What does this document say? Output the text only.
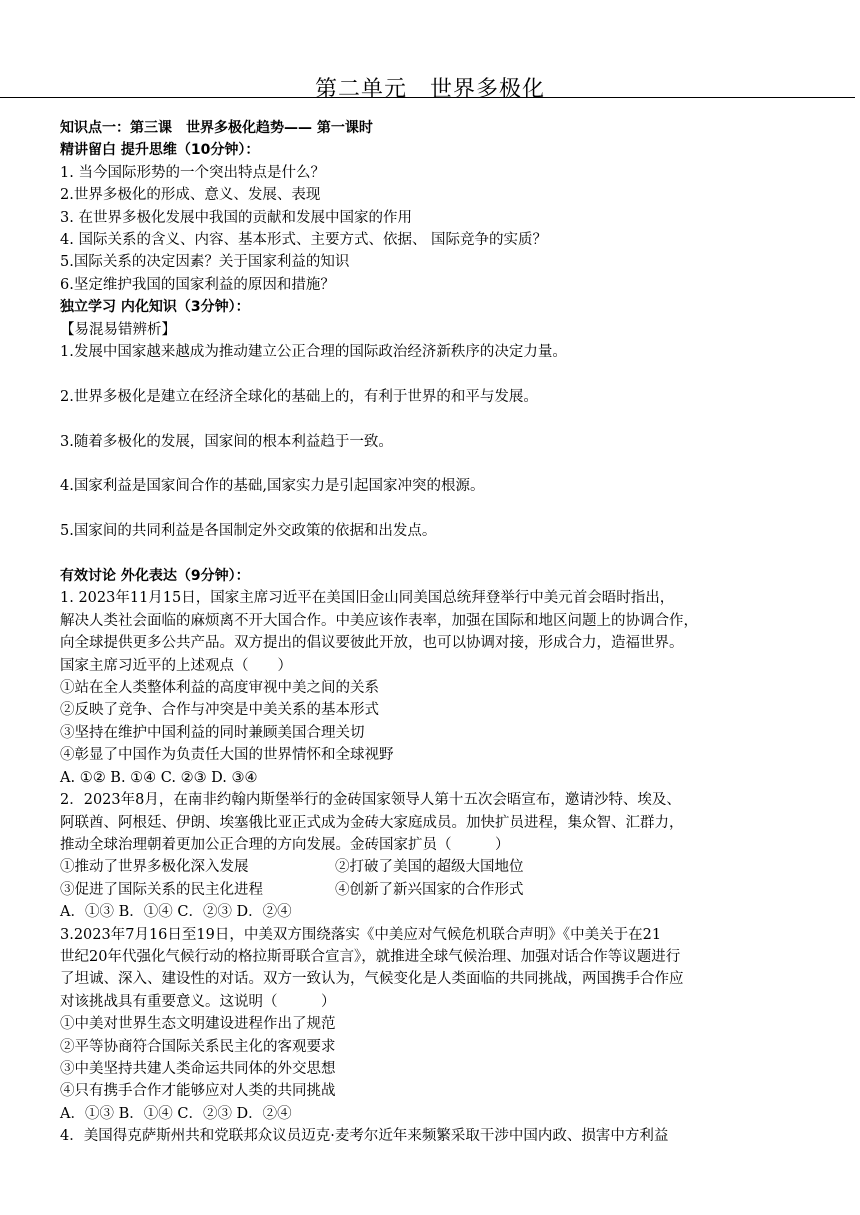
第二单元　世界多极化
知识点一：第三课　世界多极化趋势—— 第一课时
精讲留白 提升思维（10分钟）：
1. 当今国际形势的一个突出特点是什么？
2.世界多极化的形成、意义、发展、表现
3. 在世界多极化发展中我国的贡献和发展中国家的作用
4. 国际关系的含义、内容、基本形式、主要方式、依据、 国际竞争的实质？
5.国际关系的决定因素？关于国家利益的知识
6.坚定维护我国的国家利益的原因和措施？
独立学习 内化知识（3分钟）：
【易混易错辨析】
1.发展中国家越来越成为推动建立公正合理的国际政治经济新秩序的决定力量。
2.世界多极化是建立在经济全球化的基础上的，有利于世界的和平与发展。
3.随着多极化的发展，国家间的根本利益趋于一致。
4.国家利益是国家间合作的基础,国家实力是引起国家冲突的根源。
5.国家间的共同利益是各国制定外交政策的依据和出发点。
有效讨论 外化表达（9分钟）：
1. 2023年11月15日，国家主席习近平在美国旧金山同美国总统拜登举行中美元首会晤时指出，
解决人类社会面临的麻烦离不开大国合作。中美应该作表率，加强在国际和地区问题上的协调合作，
向全球提供更多公共产品。双方提出的倡议要彼此开放，也可以协调对接，形成合力，造福世界。
国家主席习近平的上述观点（　　）
①站在全人类整体利益的高度审视中美之间的关系
②反映了竞争、合作与冲突是中美关系的基本形式
③坚持在维护中国利益的同时兼顾美国合理关切
④彰显了中国作为负责任大国的世界情怀和全球视野
A. ①② B. ①④ C. ②③ D. ③④
2．2023年8月，在南非约翰内斯堡举行的金砖国家领导人第十五次会晤宣布，邀请沙特、埃及、
阿联酋、阿根廷、伊朗、埃塞俄比亚正式成为金砖大家庭成员。加快扩员进程，集众智、汇群力，
推动全球治理朝着更加公正合理的方向发展。金砖国家扩员（　　　）
①推动了世界多极化深入发展	②打破了美国的超级大国地位
③促进了国际关系的民主化进程	④创新了新兴国家的合作形式
A．①③ B．①④ C．②③ D．②④
3.2023年7月16日至19日，中美双方围绕落实《中美应对气候危机联合声明》《中美关于在21
世纪20年代强化气候行动的格拉斯哥联合宣言》，就推进全球气候治理、加强对话合作等议题进行
了坦诚、深入、建设性的对话。双方一致认为，气候变化是人类面临的共同挑战，两国携手合作应
对该挑战具有重要意义。这说明（　　　）
①中美对世界生态文明建设进程作出了规范
②平等协商符合国际关系民主化的客观要求
③中美坚持共建人类命运共同体的外交思想
④只有携手合作才能够应对人类的共同挑战
A．①③ B．①④ C．②③ D．②④
4．美国得克萨斯州共和党联邦众议员迈克·麦考尔近年来频繁采取干涉中国内政、损害中方利益
